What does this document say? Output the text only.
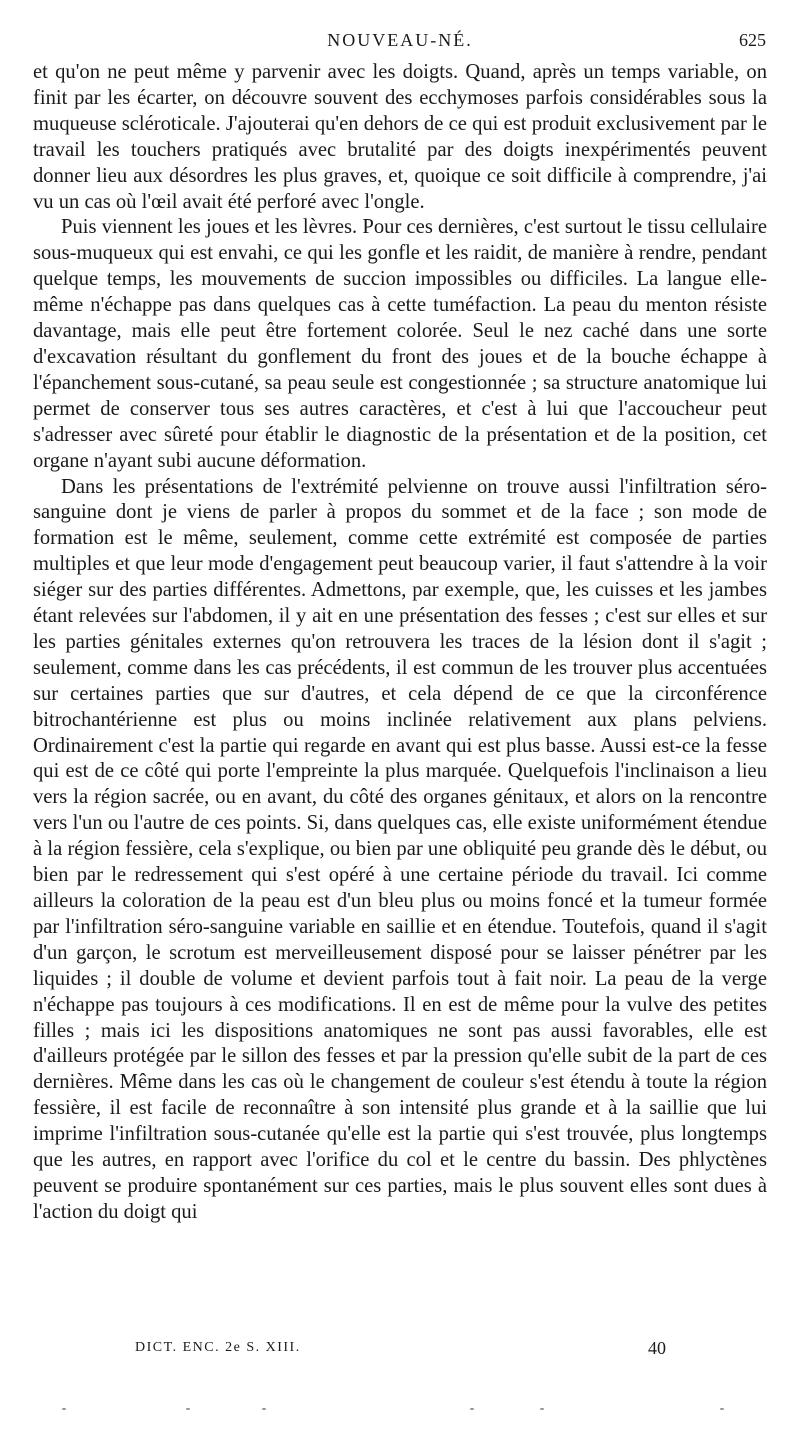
NOUVEAU-NÉ.	625

et qu'on ne peut même y parvenir avec les doigts. Quand, après un temps variable, on finit par les écarter, on découvre souvent des ecchymoses parfois considérables sous la muqueuse scléroticale. J'ajouterai qu'en dehors de ce qui est produit exclusivement par le travail les touchers pratiqués avec brutalité par des doigts inexpérimentés peuvent donner lieu aux désordres les plus graves, et, quoique ce soit difficile à comprendre, j'ai vu un cas où l'œil avait été perforé avec l'ongle.

Puis viennent les joues et les lèvres. Pour ces dernières, c'est surtout le tissu cellulaire sous-muqueux qui est envahi, ce qui les gonfle et les raidit, de manière à rendre, pendant quelque temps, les mouvements de succion impossibles ou difficiles. La langue elle-même n'échappe pas dans quelques cas à cette tuméfaction. La peau du menton résiste davantage, mais elle peut être fortement colorée. Seul le nez caché dans une sorte d'excavation résultant du gonflement du front des joues et de la bouche échappe à l'épanchement sous-cutané, sa peau seule est congestionnée ; sa structure anatomique lui permet de conserver tous ses autres caractères, et c'est à lui que l'accoucheur peut s'adresser avec sûreté pour établir le diagnostic de la présentation et de la position, cet organe n'ayant subi aucune déformation.

Dans les présentations de l'extrémité pelvienne on trouve aussi l'infiltration séro-sanguine dont je viens de parler à propos du sommet et de la face ; son mode de formation est le même, seulement, comme cette extrémité est composée de parties multiples et que leur mode d'engagement peut beaucoup varier, il faut s'attendre à la voir siéger sur des parties différentes. Admettons, par exemple, que, les cuisses et les jambes étant relevées sur l'abdomen, il y ait en une présentation des fesses ; c'est sur elles et sur les parties génitales externes qu'on retrouvera les traces de la lésion dont il s'agit ; seulement, comme dans les cas précédents, il est commun de les trouver plus accentuées sur certaines parties que sur d'autres, et cela dépend de ce que la circonférence bitrochantérienne est plus ou moins inclinée relativement aux plans pelviens. Ordinairement c'est la partie qui regarde en avant qui est plus basse. Aussi est-ce la fesse qui est de ce côté qui porte l'empreinte la plus marquée. Quelquefois l'inclinaison a lieu vers la région sacrée, ou en avant, du côté des organes génitaux, et alors on la rencontre vers l'un ou l'autre de ces points. Si, dans quelques cas, elle existe uniformément étendue à la région fessière, cela s'explique, ou bien par une obliquité peu grande dès le début, ou bien par le redressement qui s'est opéré à une certaine période du travail. Ici comme ailleurs la coloration de la peau est d'un bleu plus ou moins foncé et la tumeur formée par l'infiltration séro-sanguine variable en saillie et en étendue. Toutefois, quand il s'agit d'un garçon, le scrotum est merveilleusement disposé pour se laisser pénétrer par les liquides ; il double de volume et devient parfois tout à fait noir. La peau de la verge n'échappe pas toujours à ces modifications. Il en est de même pour la vulve des petites filles ; mais ici les dispositions anatomiques ne sont pas aussi favorables, elle est d'ailleurs protégée par le sillon des fesses et par la pression qu'elle subit de la part de ces dernières. Même dans les cas où le changement de couleur s'est étendu à toute la région fessière, il est facile de reconnaître à son intensité plus grande et à la saillie que lui imprime l'infiltration sous-cutanée qu'elle est la partie qui s'est trouvée, plus longtemps que les autres, en rapport avec l'orifice du col et le centre du bassin. Des phlyctènes peuvent se produire spontanément sur ces parties, mais le plus souvent elles sont dues à l'action du doigt qui

DICT. ENC. 2e S. XIII.	40
